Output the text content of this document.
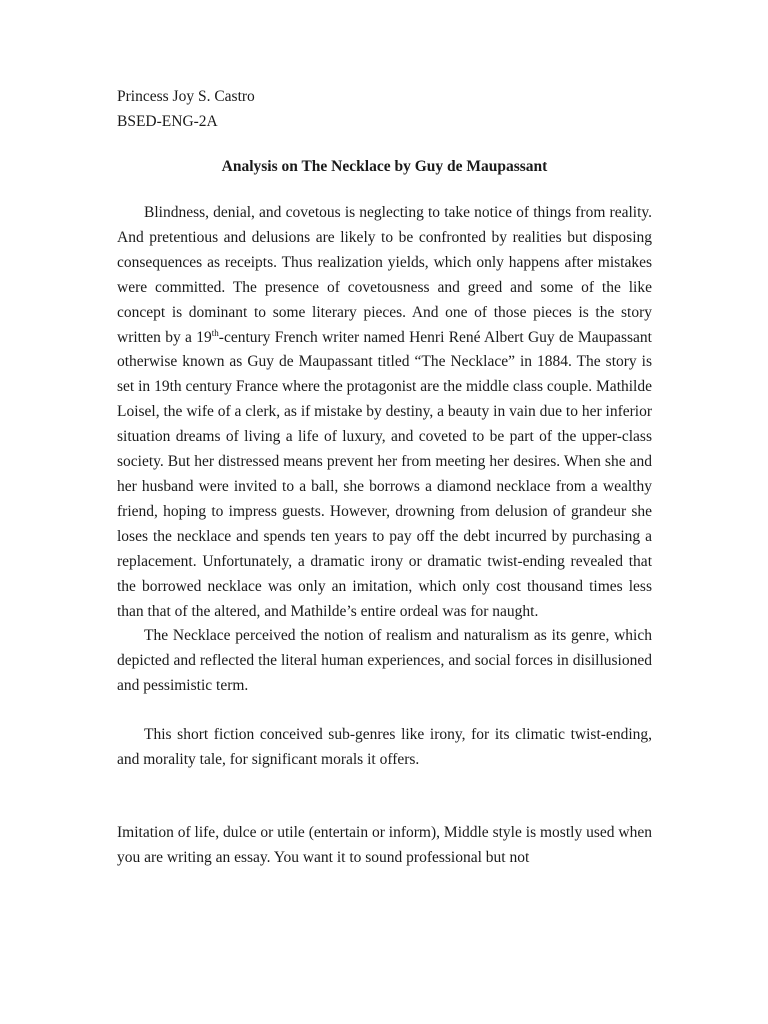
Princess Joy S. Castro

BSED-ENG-2A

Analysis on The Necklace by Guy de Maupassant

Blindness, denial, and covetous is neglecting to take notice of things from reality. And pretentious and delusions are likely to be confronted by realities but disposing consequences as receipts. Thus realization yields, which only happens after mistakes were committed. The presence of covetousness and greed and some of the like concept is dominant to some literary pieces. And one of those pieces is the story written by a 19th-century French writer named Henri René Albert Guy de Maupassant otherwise known as Guy de Maupassant titled “The Necklace” in 1884. The story is set in 19th century France where the protagonist are the middle class couple. Mathilde Loisel, the wife of a clerk, as if mistake by destiny, a beauty in vain due to her inferior situation dreams of living a life of luxury, and coveted to be part of the upper-class society. But her distressed means prevent her from meeting her desires. When she and her husband were invited to a ball, she borrows a diamond necklace from a wealthy friend, hoping to impress guests. However, drowning from delusion of grandeur she loses the necklace and spends ten years to pay off the debt incurred by purchasing a replacement. Unfortunately, a dramatic irony or dramatic twist-ending revealed that the borrowed necklace was only an imitation, which only cost thousand times less than that of the altered, and Mathilde’s entire ordeal was for naught.

The Necklace perceived the notion of realism and naturalism as its genre, which depicted and reflected the literal human experiences, and social forces in disillusioned and pessimistic term.

This short fiction conceived sub-genres like irony, for its climatic twist-ending, and morality tale, for significant morals it offers.

Imitation of life, dulce or utile (entertain or inform), Middle style is mostly used when you are writing an essay. You want it to sound professional but not
